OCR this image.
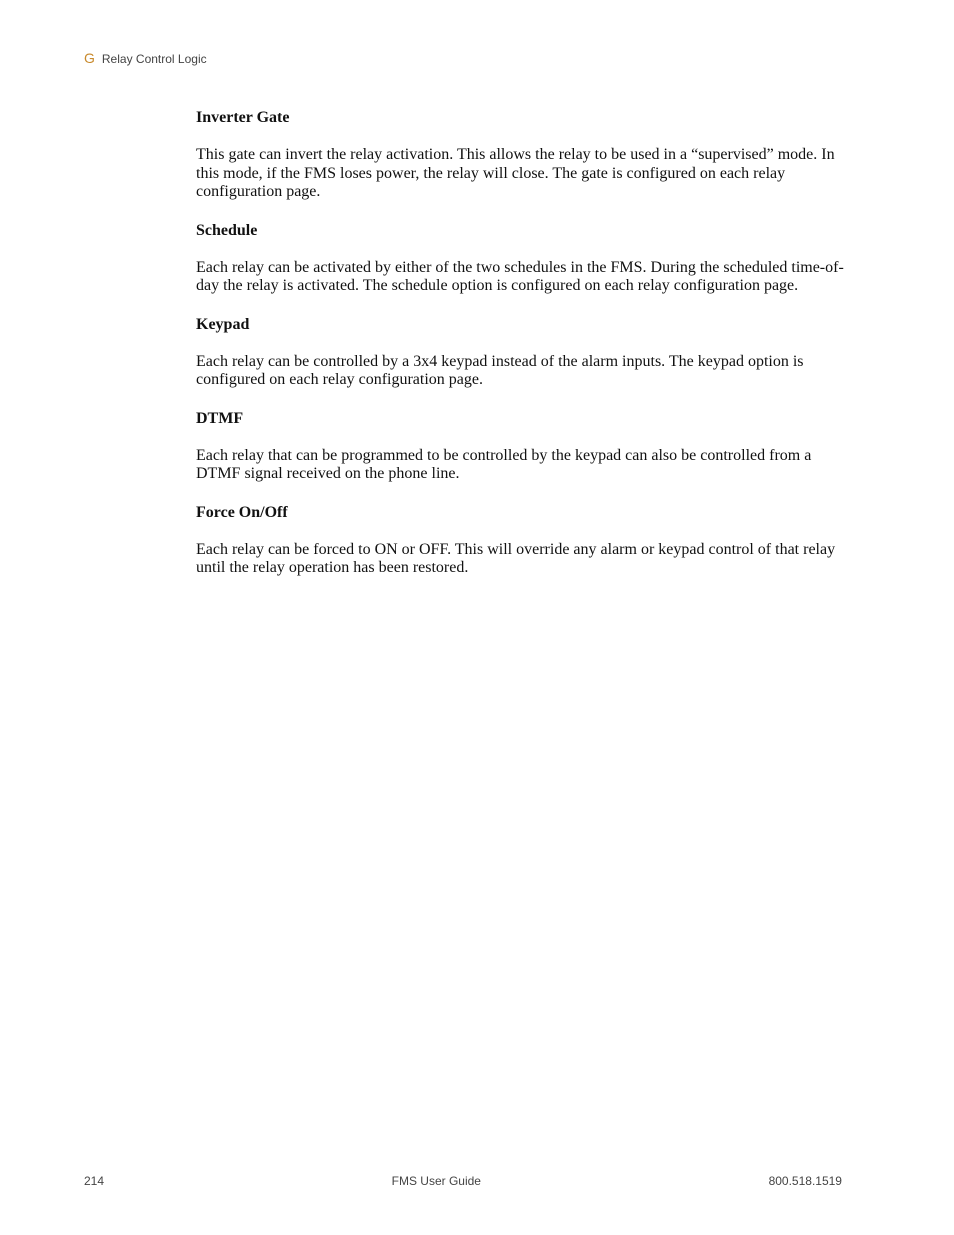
G Relay Control Logic
Inverter Gate

This gate can invert the relay activation. This allows the relay to be used in a “supervised” mode. In this mode, if the FMS loses power, the relay will close. The gate is configured on each relay configuration page.

Schedule

Each relay can be activated by either of the two schedules in the FMS. During the scheduled time-of-day the relay is activated. The schedule option is configured on each relay configuration page.

Keypad

Each relay can be controlled by a 3x4 keypad instead of the alarm inputs. The keypad option is configured on each relay configuration page.

DTMF

Each relay that can be programmed to be controlled by the keypad can also be controlled from a DTMF signal received on the phone line.

Force On/Off

Each relay can be forced to ON or OFF. This will override any alarm or keypad control of that relay until the relay operation has been restored.

214	FMS User Guide	800.518.1519
